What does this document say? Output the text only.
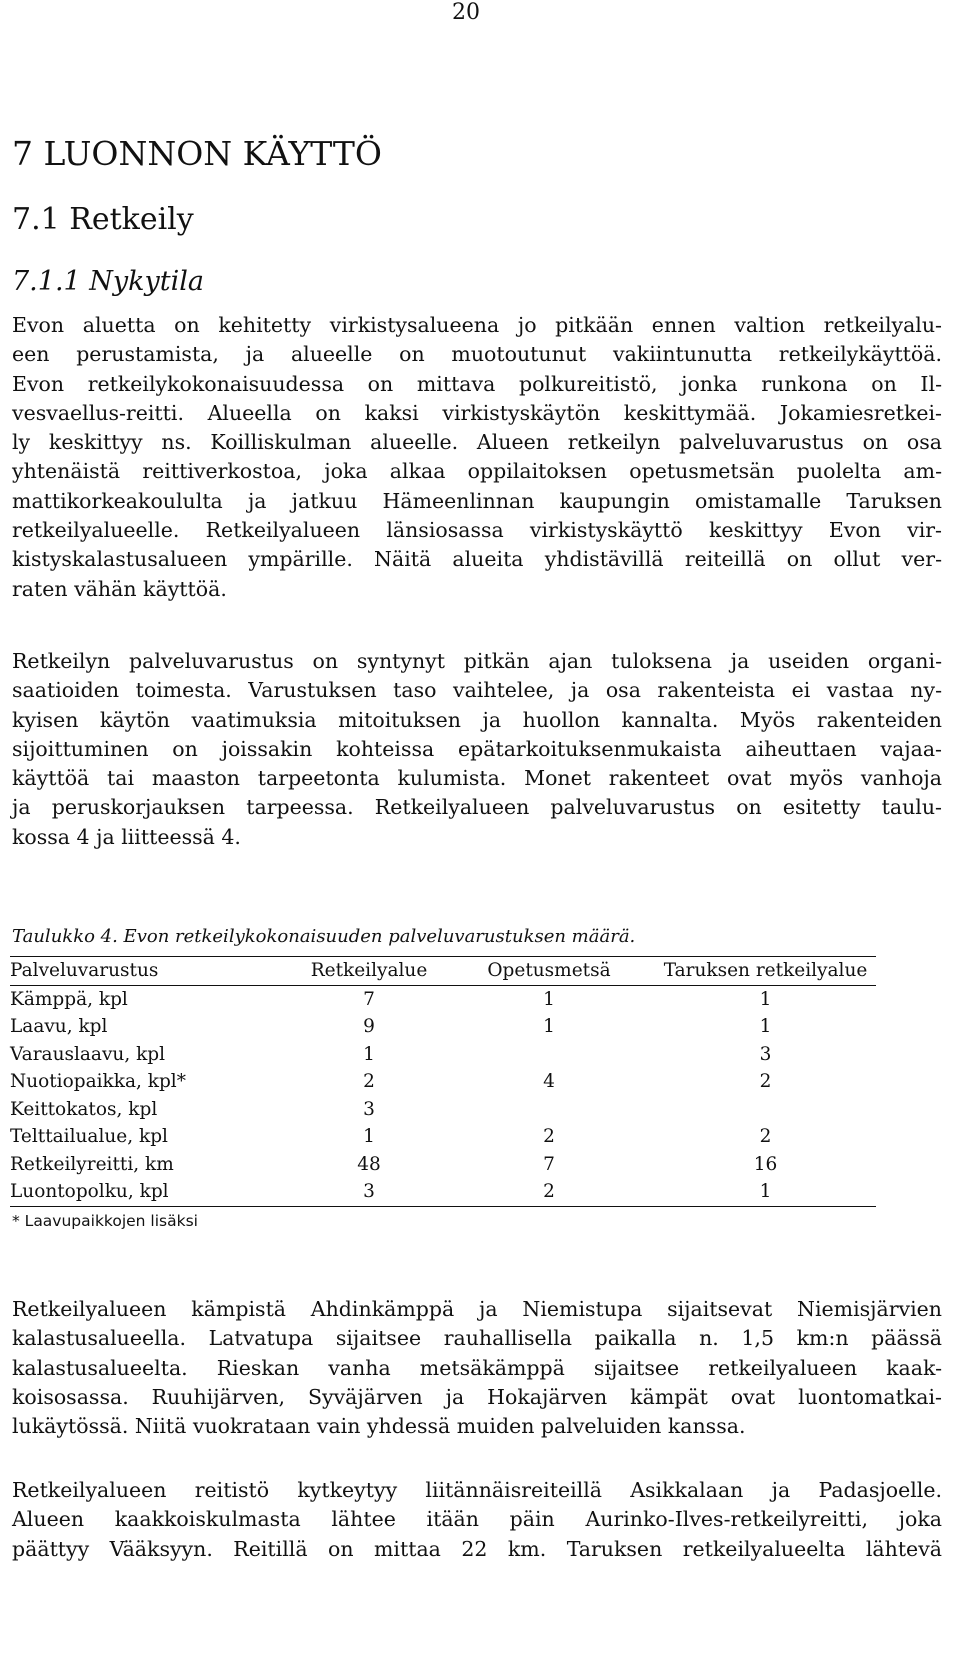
20
7 LUONNON KÄYTTÖ
7.1 Retkeily
7.1.1 Nykytila
Evon aluetta on kehitetty virkistysalueena jo pitkään ennen valtion retkeilyalu-
een perustamista, ja alueelle on muotoutunut vakiintunutta retkeilykäyttöä.
Evon retkeilykokonaisuudessa on mittava polkureitistö, jonka runkona on Il-
vesvaellus-reitti. Alueella on kaksi virkistyskäytön keskittymää. Jokamiesretkei-
ly keskittyy ns. Koilliskulman alueelle. Alueen retkeilyn palveluvarustus on osa
yhtenäistä reittiverkostoa, joka alkaa oppilaitoksen opetusmetsän puolelta am-
mattikorkeakoululta ja jatkuu Hämeenlinnan kaupungin omistamalle Taruksen
retkeilyalueelle. Retkeilyalueen länsiosassa virkistyskäyttö keskittyy Evon vir-
kistyskalastusalueen ympärille. Näitä alueita yhdistävillä reiteillä on ollut ver-
raten vähän käyttöä.
Retkeilyn palveluvarustus on syntynyt pitkän ajan tuloksena ja useiden organi-
saatioiden toimesta. Varustuksen taso vaihtelee, ja osa rakenteista ei vastaa ny-
kyisen käytön vaatimuksia mitoituksen ja huollon kannalta. Myös rakenteiden
sijoittuminen on joissakin kohteissa epätarkoituksenmukaista aiheuttaen vajaa-
käyttöä tai maaston tarpeetonta kulumista. Monet rakenteet ovat myös vanhoja
ja peruskorjauksen tarpeessa. Retkeilyalueen palveluvarustus on esitetty taulu-
kossa 4 ja liitteessä 4.
Taulukko 4. Evon retkeilykokonaisuuden palveluvarustuksen määrä.
Palveluvarustus	Retkeilyalue	Opetusmetsä	Taruksen retkeilyalue
Kämppä, kpl	7	1	1
Laavu, kpl	9	1	1
Varauslaavu, kpl	1		3
Nuotiopaikka, kpl*	2	4	2
Keittokatos, kpl	3		
Telttailualue, kpl	1	2	2
Retkeilyreitti, km	48	7	16
Luontopolku, kpl	3	2	1
* Laavupaikkojen lisäksi
Retkeilyalueen kämpistä Ahdinkämppä ja Niemistupa sijaitsevat Niemisjärvien
kalastusalueella. Latvatupa sijaitsee rauhallisella paikalla n. 1,5 km:n päässä
kalastusalueelta. Rieskan vanha metsäkämppä sijaitsee retkeilyalueen kaak-
koisosassa. Ruuhijärven, Syväjärven ja Hokajärven kämpät ovat luontomatkai-
lukäytössä. Niitä vuokrataan vain yhdessä muiden palveluiden kanssa.
Retkeilyalueen reitistö kytkeytyy liitännäisreiteillä Asikkalaan ja Padasjoelle.
Alueen kaakkoiskulmasta lähtee itään päin Aurinko-Ilves-retkeilyreitti, joka
päättyy Vääksyyn. Reitillä on mittaa 22 km. Taruksen retkeilyalueelta lähtevä
